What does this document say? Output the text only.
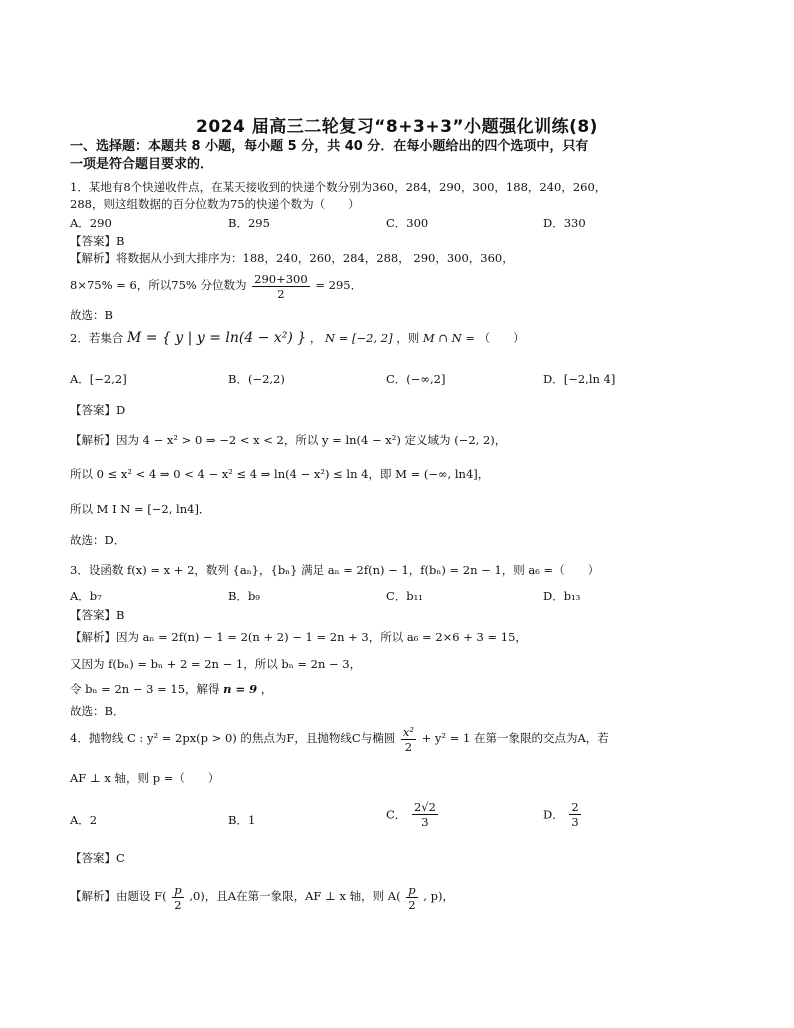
2024 届高三二轮复习“8+3+3”小题强化训练(8)
一、选择题：本题共 8 小题，每小题 5 分，共 40 分．在每小题给出的四个选项中，只有
一项是符合题目要求的．
1．某地有8个快递收件点，在某天接收到的快递个数分别为360，284，290，300，188，240，260，
288，则这组数据的百分位数为75的快递个数为（　　）
A．290	B．295	C．300	D．330
【答案】B
【解析】将数据从小到大排序为：188，240，260，284，288， 290，300，360，
8×75% = 6，所以75% 分位数为 $\frac{290+300}{2} = 295$．
故选：B
2．若集合 M = { y | y = ln(4 − x²) } ， N = [−2, 2] ，则 M ∩ N = （　　）
A．[−2,2]	B．(−2,2)	C．(−∞,2]	D．[−2,ln 4]
【答案】D
【解析】因为 4 − x² > 0 ⇒ −2 < x < 2，所以 y = ln(4 − x²) 定义域为 (−2, 2)，
所以 0 ≤ x² < 4 ⇒ 0 < 4 − x² ≤ 4 ⇒ ln(4 − x²) ≤ ln 4，即 M = (−∞, ln4]，
所以 M Ⅰ N = [−2, ln4]．
故选：D．
3．设函数 f(x) = x + 2，数列 {aₙ}，{bₙ} 满足 aₙ = 2f(n) − 1，f(bₙ) = 2n − 1，则 a₆ =（　　）
A．b₇	B．b₉	C．b₁₁	D．b₁₃
【答案】B
【解析】因为 aₙ = 2f(n) − 1 = 2(n + 2) − 1 = 2n + 3，所以 a₆ = 2×6 + 3 = 15，
又因为 f(bₙ) = bₙ + 2 = 2n − 1，所以 bₙ = 2n − 3，
令 bₙ = 2n − 3 = 15，解得 n = 9 ，
故选：B．
4．抛物线 C : y² = 2px(p > 0) 的焦点为F，且抛物线C与椭圆 $\frac{\text{x²}}{2} + y^2 = 1$ 在第一象限的交点为A，若
AF ⊥ x 轴，则 p =（　　）
A．2	B．1	C． $\frac{2√2}{3}$	D． $\frac{2}{3}$
【答案】C
【解析】由题设 $F( \frac{p}{2} ,0)$，且A在第一象限，AF ⊥ x 轴，则 $A( \frac{p}{2}$ , p)，
